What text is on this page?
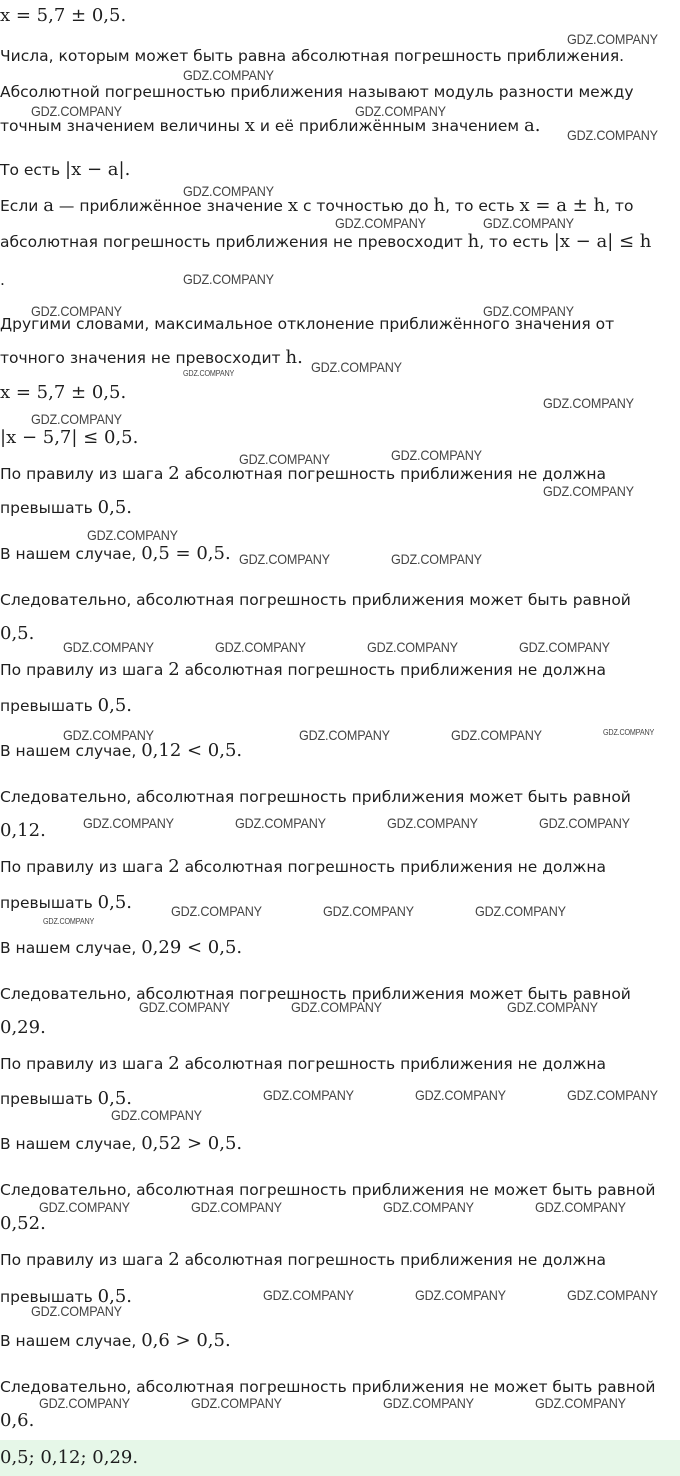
x = 5,7 ± 0,5.
Числа, которым может быть равна абсолютная погрешность приближения.
Абсолютной погрешностью приближения называют модуль разности между
точным значением величины x и её приближённым значением a.
То есть |x − a|.
Если a — приближённое значение x с точностью до h, то есть x = a ± h, то
абсолютная погрешность приближения не превосходит h, то есть |x − a| ≤ h
.
Другими словами, максимальное отклонение приближённого значения от
точного значения не превосходит h.
x = 5,7 ± 0,5.
|x − 5,7| ≤ 0,5.
По правилу из шага 2 абсолютная погрешность приближения не должна
превышать 0,5.
В нашем случае, 0,5 = 0,5.
Следовательно, абсолютная погрешность приближения может быть равной
0,5.
По правилу из шага 2 абсолютная погрешность приближения не должна
превышать 0,5.
В нашем случае, 0,12 < 0,5.
Следовательно, абсолютная погрешность приближения может быть равной
0,12.
По правилу из шага 2 абсолютная погрешность приближения не должна
превышать 0,5.
В нашем случае, 0,29 < 0,5.
Следовательно, абсолютная погрешность приближения может быть равной
0,29.
По правилу из шага 2 абсолютная погрешность приближения не должна
превышать 0,5.
В нашем случае, 0,52 > 0,5.
Следовательно, абсолютная погрешность приближения не может быть равной
0,52.
По правилу из шага 2 абсолютная погрешность приближения не должна
превышать 0,5.
В нашем случае, 0,6 > 0,5.
Следовательно, абсолютная погрешность приближения не может быть равной
0,6.
0,5; 0,12; 0,29.
GDZ.COMPANY
GDZ.COMPANY
GDZ.COMPANY	GDZ.COMPANY
GDZ.COMPANY
GDZ.COMPANY
GDZ.COMPANY	GDZ.COMPANY
GDZ.COMPANY
GDZ.COMPANY	GDZ.COMPANY
GDZ.COMPANY
GDZ.COMPANY
GDZ.COMPANY
GDZ.COMPANY
GDZ.COMPANY	GDZ.COMPANY
GDZ.COMPANY
GDZ.COMPANY
GDZ.COMPANY	GDZ.COMPANY
GDZ.COMPANY	GDZ.COMPANY	GDZ.COMPANY	GDZ.COMPANY
GDZ.COMPANY	GDZ.COMPANY	GDZ.COMPANY	GDZ.COMPANY
GDZ.COMPANY	GDZ.COMPANY	GDZ.COMPANY	GDZ.COMPANY
GDZ.COMPANY
GDZ.COMPANY	GDZ.COMPANY	GDZ.COMPANY
GDZ.COMPANY	GDZ.COMPANY	GDZ.COMPANY
GDZ.COMPANY	GDZ.COMPANY	GDZ.COMPANY
GDZ.COMPANY
GDZ.COMPANY	GDZ.COMPANY	GDZ.COMPANY	GDZ.COMPANY
GDZ.COMPANY	GDZ.COMPANY	GDZ.COMPANY
GDZ.COMPANY
GDZ.COMPANY	GDZ.COMPANY	GDZ.COMPANY	GDZ.COMPANY
